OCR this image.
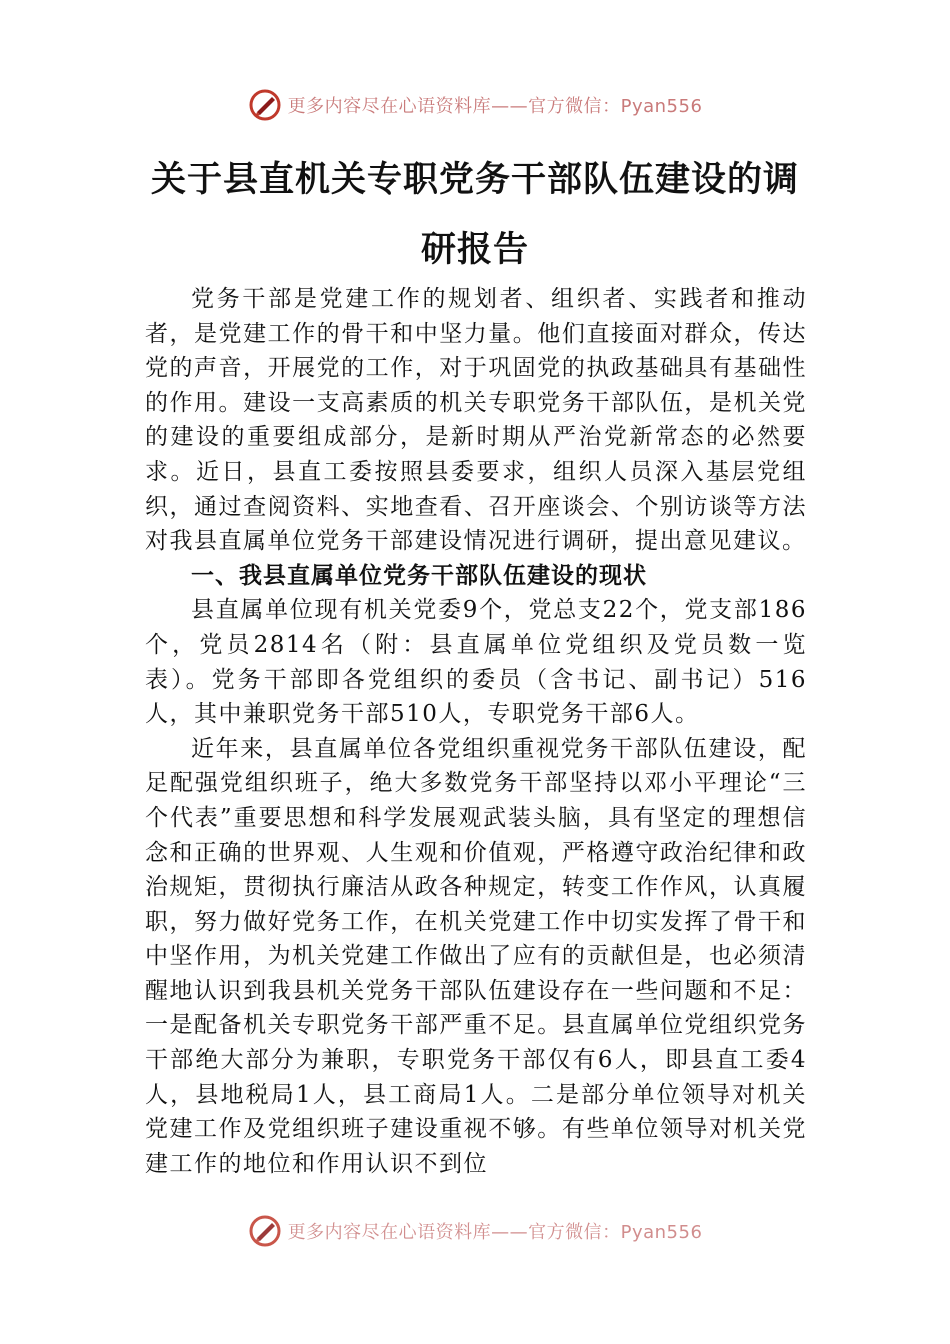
更多内容尽在心语资料库——官方微信：Pyan556
关于县直机关专职党务干部队伍建设的调
研报告

党务干部是党建工作的规划者、组织者、实践者和推动者，是党建工作的骨干和中坚力量。他们直接面对群众，传达党的声音，开展党的工作，对于巩固党的执政基础具有基础性的作用。建设一支高素质的机关专职党务干部队伍，是机关党的建设的重要组成部分，是新时期从严治党新常态的必然要求。近日，县直工委按照县委要求，组织人员深入基层党组织，通过查阅资料、实地查看、召开座谈会、个别访谈等方法对我县直属单位党务干部建设情况进行调研，提出意见建议。

一、我县直属单位党务干部队伍建设的现状

县直属单位现有机关党委9个，党总支22个，党支部186个，党员2814名（附：县直属单位党组织及党员数一览表）。党务干部即各党组织的委员（含书记、副书记）516人，其中兼职党务干部510人，专职党务干部6人。

近年来，县直属单位各党组织重视党务干部队伍建设，配足配强党组织班子，绝大多数党务干部坚持以邓小平理论“三个代表”重要思想和科学发展观武装头脑，具有坚定的理想信念和正确的世界观、人生观和价值观，严格遵守政治纪律和政治规矩，贯彻执行廉洁从政各种规定，转变工作作风，认真履职，努力做好党务工作，在机关党建工作中切实发挥了骨干和中坚作用，为机关党建工作做出了应有的贡献但是，也必须清醒地认识到我县机关党务干部队伍建设存在一些问题和不足：一是配备机关专职党务干部严重不足。县直属单位党组织党务干部绝大部分为兼职，专职党务干部仅有6人，即县直工委4人，县地税局1人，县工商局1人。二是部分单位领导对机关党建工作及党组织班子建设重视不够。有些单位领导对机关党建工作的地位和作用认识不到位

更多内容尽在心语资料库——官方微信：Pyan556
